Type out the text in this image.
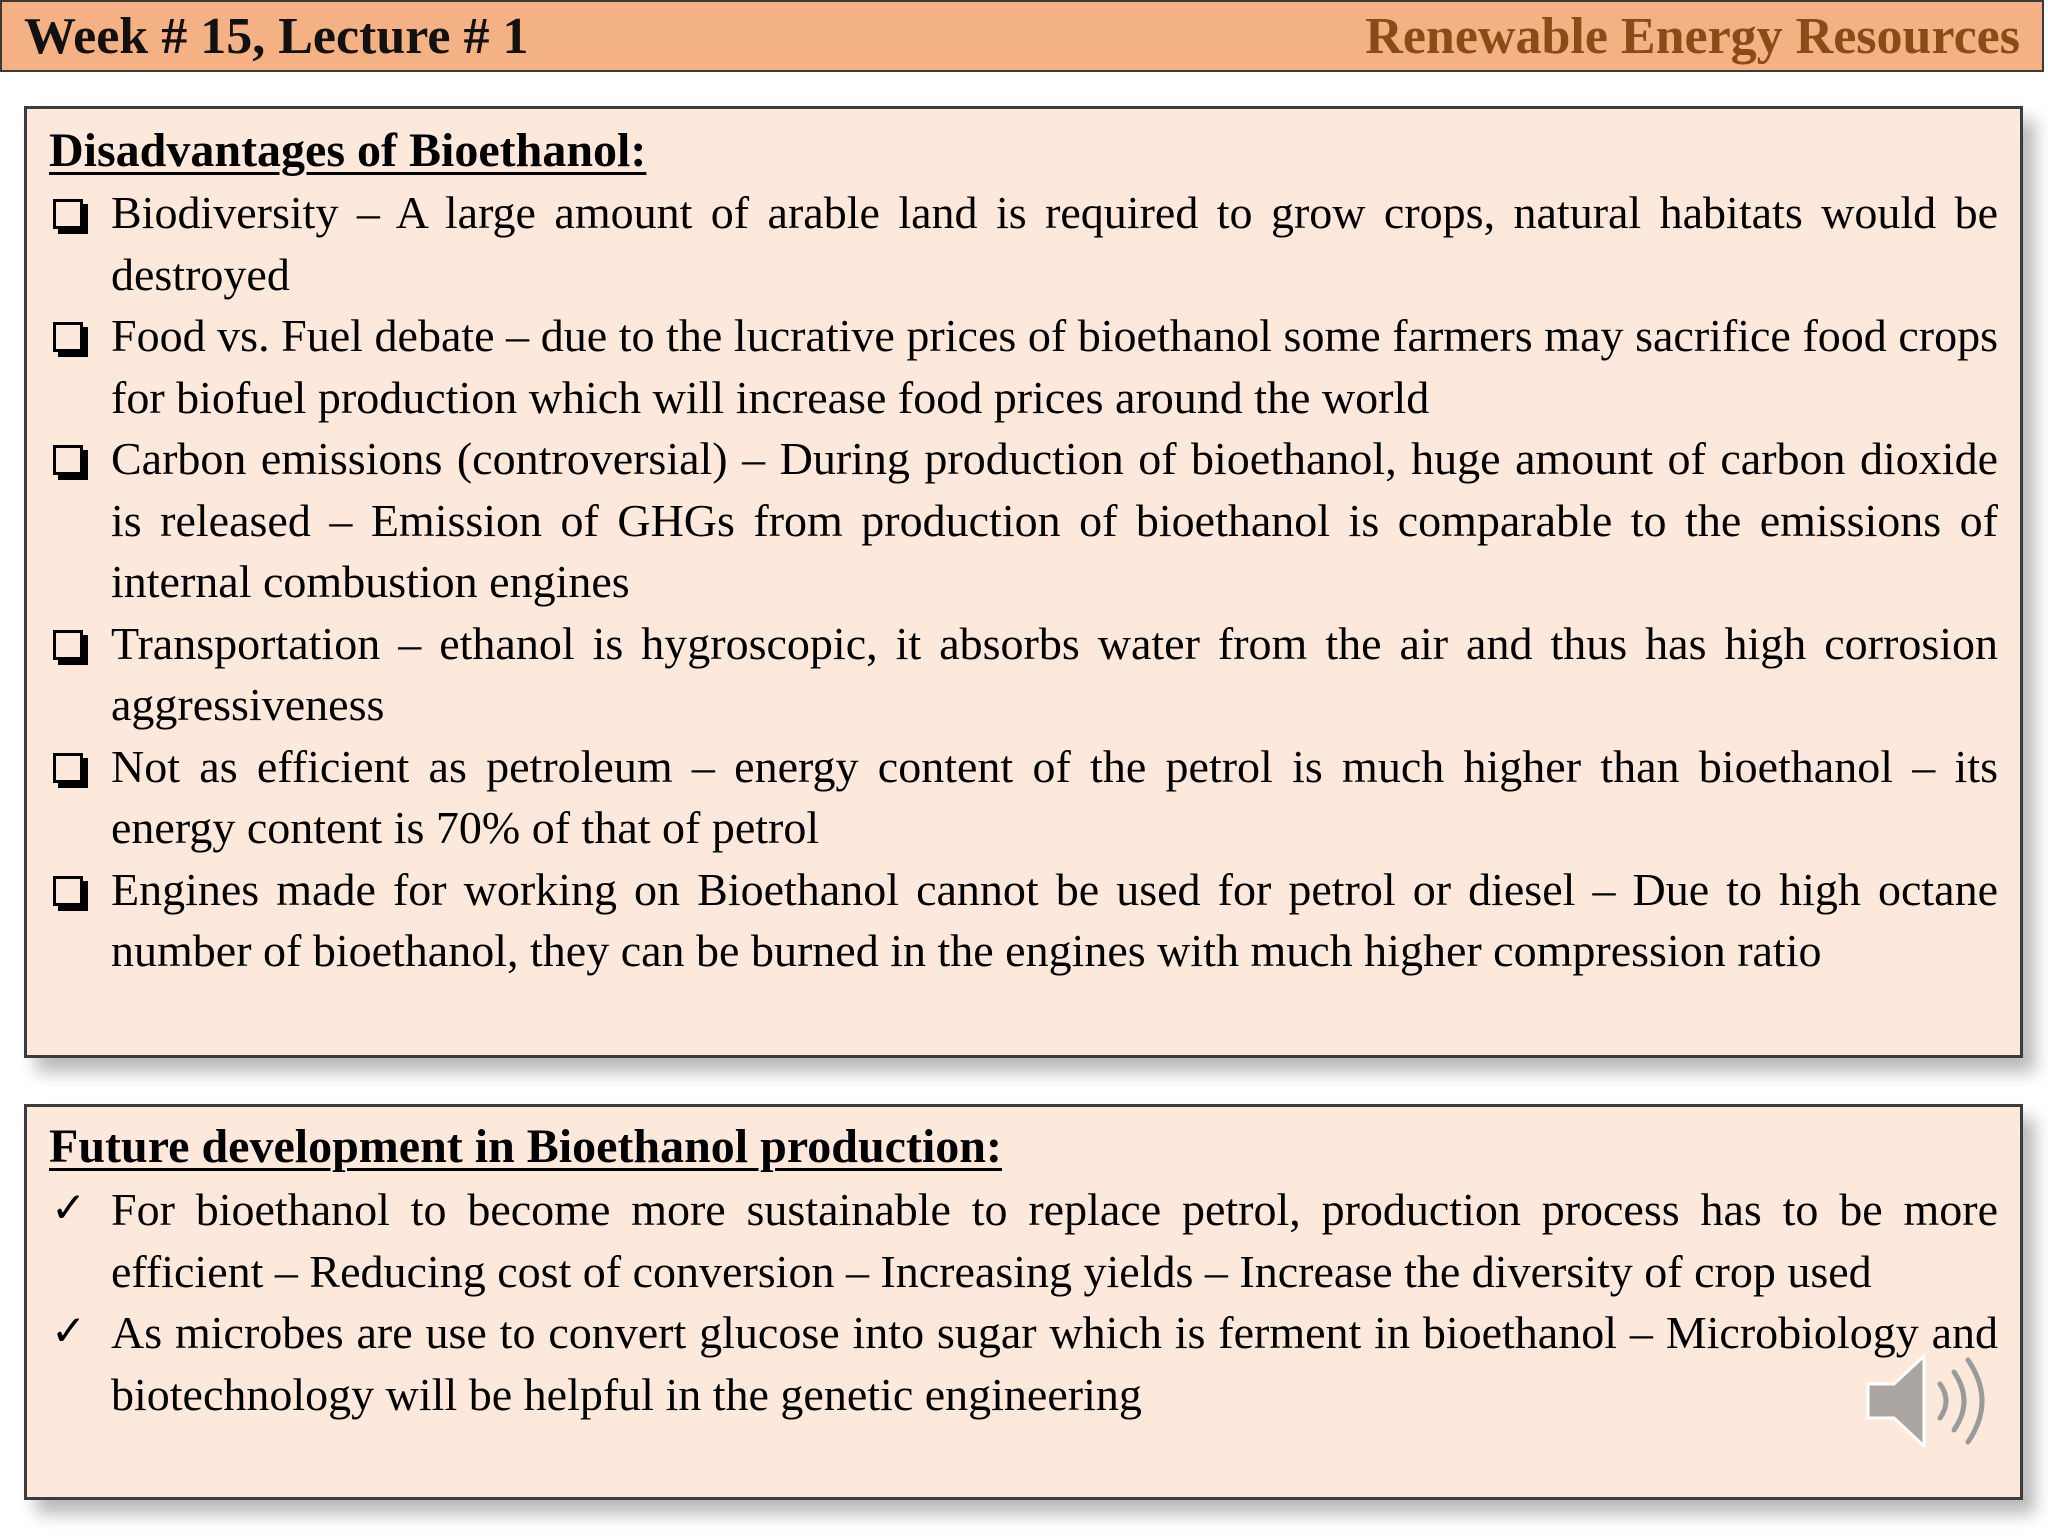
Week # 15, Lecture # 1	Renewable Energy Resources
Disadvantages of Bioethanol:
Biodiversity – A large amount of arable land is required to grow crops, natural habitats would be destroyed
Food vs. Fuel debate – due to the lucrative prices of bioethanol some farmers may sacrifice food crops for biofuel production which will increase food prices around the world
Carbon emissions (controversial) – During production of bioethanol, huge amount of carbon dioxide is released – Emission of GHGs from production of bioethanol is comparable to the emissions of internal combustion engines
Transportation – ethanol is hygroscopic, it absorbs water from the air and thus has high corrosion aggressiveness
Not as efficient as petroleum – energy content of the petrol is much higher than bioethanol – its energy content is 70% of that of petrol
Engines made for working on Bioethanol cannot be used for petrol or diesel – Due to high octane number of bioethanol, they can be burned in the engines with much higher compression ratio
Future development in Bioethanol production:
✓ For bioethanol to become more sustainable to replace petrol, production process has to be more efficient – Reducing cost of conversion – Increasing yields – Increase the diversity of crop used
✓ As microbes are use to convert glucose into sugar which is ferment in bioethanol – Microbiology and biotechnology will be helpful in the genetic engineering
